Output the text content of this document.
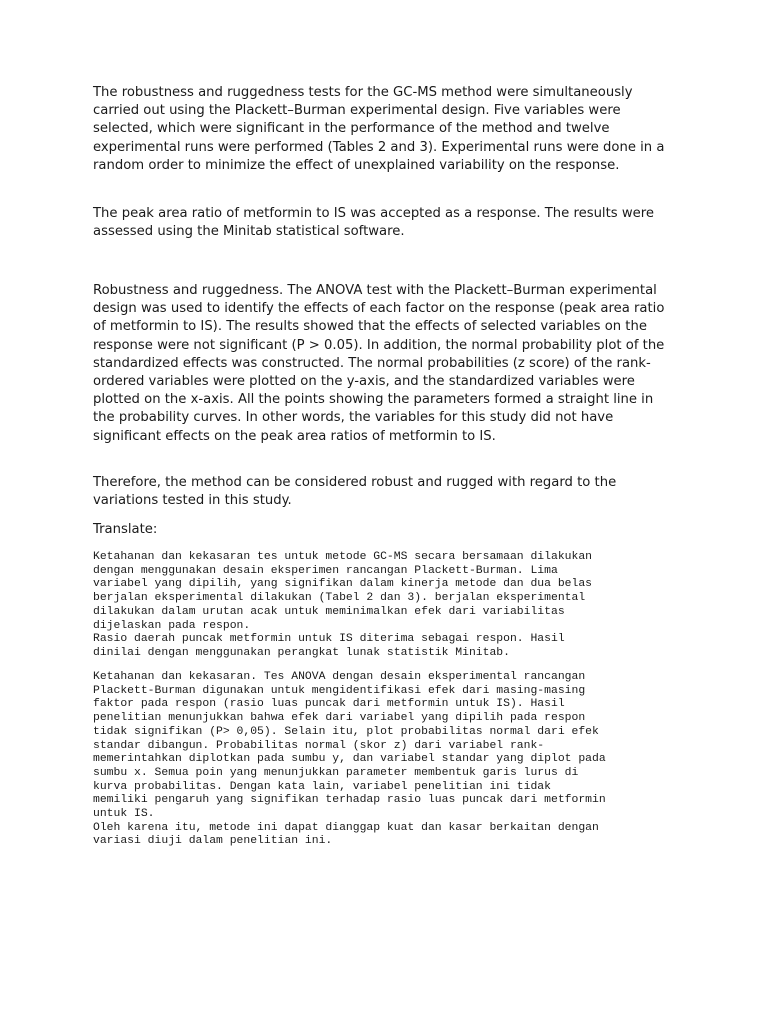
The robustness and ruggedness tests for the GC-MS method were simultaneously carried out using the Plackett–Burman experimental design. Five variables were selected, which were significant in the performance of the method and twelve experimental runs were performed (Tables 2 and 3). Experimental runs were done in a random order to minimize the effect of unexplained variability on the response.

The peak area ratio of metformin to IS was accepted as a response. The results were assessed using the Minitab statistical software.

Robustness and ruggedness. The ANOVA test with the Plackett–Burman experimental design was used to identify the effects of each factor on the response (peak area ratio of metformin to IS). The results showed that the effects of selected variables on the response were not significant (P > 0.05). In addition, the normal probability plot of the standardized effects was constructed. The normal probabilities (z score) of the rank-ordered variables were plotted on the y-axis, and the standardized variables were plotted on the x-axis. All the points showing the parameters formed a straight line in the probability curves. In other words, the variables for this study did not have significant effects on the peak area ratios of metformin to IS.

Therefore, the method can be considered robust and rugged with regard to the variations tested in this study.

Translate:

Ketahanan dan kekasaran tes untuk metode GC-MS secara bersamaan dilakukan
dengan menggunakan desain eksperimen rancangan Plackett-Burman. Lima
variabel yang dipilih, yang signifikan dalam kinerja metode dan dua belas
berjalan eksperimental dilakukan (Tabel 2 dan 3). berjalan eksperimental
dilakukan dalam urutan acak untuk meminimalkan efek dari variabilitas
dijelaskan pada respon.
Rasio daerah puncak metformin untuk IS diterima sebagai respon. Hasil
dinilai dengan menggunakan perangkat lunak statistik Minitab.

Ketahanan dan kekasaran. Tes ANOVA dengan desain eksperimental rancangan
Plackett-Burman digunakan untuk mengidentifikasi efek dari masing-masing
faktor pada respon (rasio luas puncak dari metformin untuk IS). Hasil
penelitian menunjukkan bahwa efek dari variabel yang dipilih pada respon
tidak signifikan (P> 0,05). Selain itu, plot probabilitas normal dari efek
standar dibangun. Probabilitas normal (skor z) dari variabel rank-
memerintahkan diplotkan pada sumbu y, dan variabel standar yang diplot pada
sumbu x. Semua poin yang menunjukkan parameter membentuk garis lurus di
kurva probabilitas. Dengan kata lain, variabel penelitian ini tidak
memiliki pengaruh yang signifikan terhadap rasio luas puncak dari metformin
untuk IS.
Oleh karena itu, metode ini dapat dianggap kuat dan kasar berkaitan dengan
variasi diuji dalam penelitian ini.
